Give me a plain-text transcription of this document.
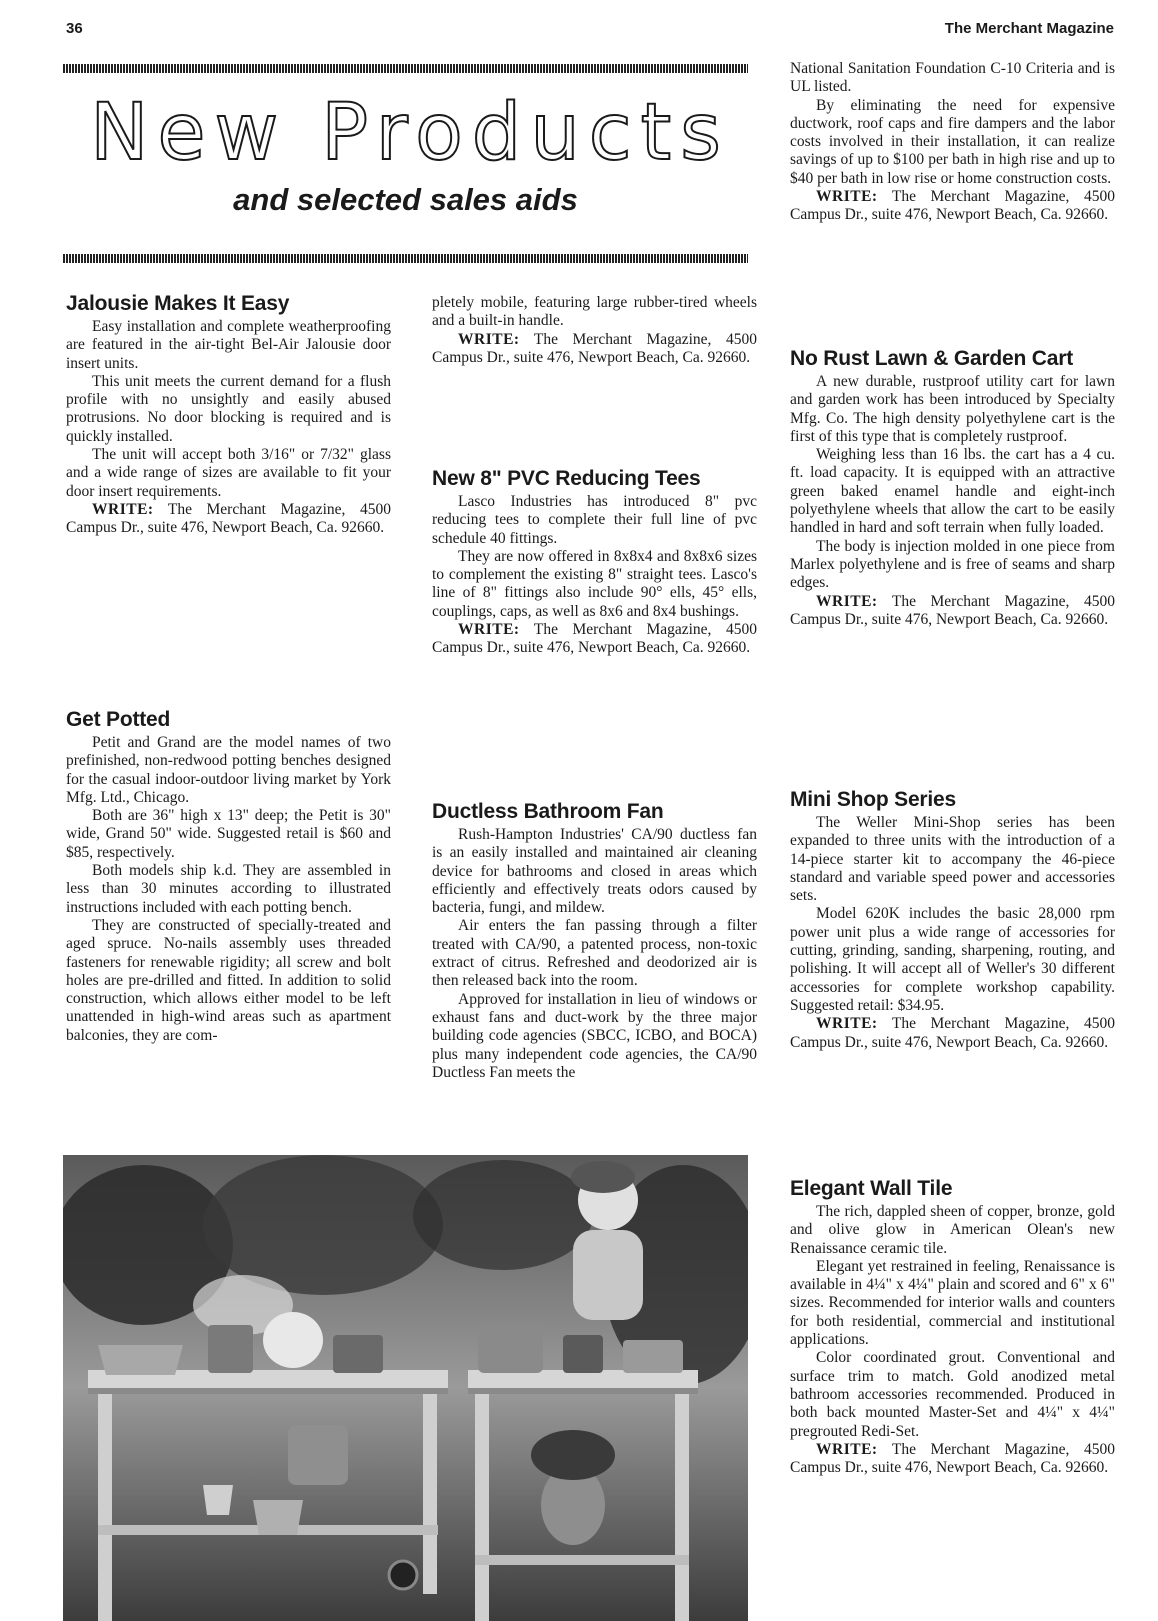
36	The Merchant Magazine
New Products
and selected sales aids
Jalousie Makes It Easy

Easy installation and complete weatherproofing are featured in the air-tight Bel-Air Jalousie door insert units.

This unit meets the current demand for a flush profile with no unsightly and easily abused protrusions. No door blocking is required and is quickly installed.

The unit will accept both 3/16" or 7/32" glass and a wide range of sizes are available to fit your door insert requirements.

WRITE: The Merchant Magazine, 4500 Campus Dr., suite 476, Newport Beach, Ca. 92660.

Get Potted

Petit and Grand are the model names of two prefinished, non-redwood potting benches designed for the casual indoor-outdoor living market by York Mfg. Ltd., Chicago.

Both are 36" high x 13" deep; the Petit is 30" wide, Grand 50" wide. Suggested retail is $60 and $85, respectively.

Both models ship k.d. They are assembled in less than 30 minutes according to illustrated instructions included with each potting bench.

They are constructed of specially-treated and aged spruce. No-nails assembly uses threaded fasteners for renewable rigidity; all screw and bolt holes are pre-drilled and fitted. In addition to solid construction, which allows either model to be left unattended in high-wind areas such as apartment balconies, they are com-

pletely mobile, featuring large rubber-tired wheels and a built-in handle.

WRITE: The Merchant Magazine, 4500 Campus Dr., suite 476, Newport Beach, Ca. 92660.

New 8" PVC Reducing Tees

Lasco Industries has introduced 8" pvc reducing tees to complete their full line of pvc schedule 40 fittings.

They are now offered in 8x8x4 and 8x8x6 sizes to complement the existing 8" straight tees. Lasco's line of 8" fittings also include 90° ells, 45° ells, couplings, caps, as well as 8x6 and 8x4 bushings.

WRITE: The Merchant Magazine, 4500 Campus Dr., suite 476, Newport Beach, Ca. 92660.

Ductless Bathroom Fan

Rush-Hampton Industries' CA/90 ductless fan is an easily installed and maintained air cleaning device for bathrooms and closed in areas which efficiently and effectively treats odors caused by bacteria, fungi, and mildew.

Air enters the fan passing through a filter treated with CA/90, a patented process, non-toxic extract of citrus. Refreshed and deodorized air is then released back into the room.

Approved for installation in lieu of windows or exhaust fans and duct-work by the three major building code agencies (SBCC, ICBO, and BOCA) plus many independent code agencies, the CA/90 Ductless Fan meets the

National Sanitation Foundation C-10 Criteria and is UL listed.

By eliminating the need for expensive ductwork, roof caps and fire dampers and the labor costs involved in their installation, it can realize savings of up to $100 per bath in high rise and up to $40 per bath in low rise or home construction costs.

WRITE: The Merchant Magazine, 4500 Campus Dr., suite 476, Newport Beach, Ca. 92660.

No Rust Lawn & Garden Cart

A new durable, rustproof utility cart for lawn and garden work has been introduced by Specialty Mfg. Co. The high density polyethylene cart is the first of this type that is completely rustproof.

Weighing less than 16 lbs. the cart has a 4 cu. ft. load capacity. It is equipped with an attractive green baked enamel handle and eight-inch polyethylene wheels that allow the cart to be easily handled in hard and soft terrain when fully loaded.

The body is injection molded in one piece from Marlex polyethylene and is free of seams and sharp edges.

WRITE: The Merchant Magazine, 4500 Campus Dr., suite 476, Newport Beach, Ca. 92660.

Mini Shop Series

The Weller Mini-Shop series has been expanded to three units with the introduction of a 14-piece starter kit to accompany the 46-piece standard and variable speed power and accessories sets.

Model 620K includes the basic 28,000 rpm power unit plus a wide range of accessories for cutting, grinding, sanding, sharpening, routing, and polishing. It will accept all of Weller's 30 different accessories for complete workshop capability. Suggested retail: $34.95.

WRITE: The Merchant Magazine, 4500 Campus Dr., suite 476, Newport Beach, Ca. 92660.

Elegant Wall Tile

The rich, dappled sheen of copper, bronze, gold and olive glow in American Olean's new Renaissance ceramic tile.

Elegant yet restrained in feeling, Renaissance is available in 4¼" x 4¼" plain and scored and 6" x 6" sizes. Recommended for interior walls and counters for both residential, commercial and institutional applications.

Color coordinated grout. Conventional and surface trim to match. Gold anodized metal bathroom accessories recommended. Produced in both back mounted Master-Set and 4¼" x 4¼" pregrouted Redi-Set.

WRITE: The Merchant Magazine, 4500 Campus Dr., suite 476, Newport Beach, Ca. 92660.
